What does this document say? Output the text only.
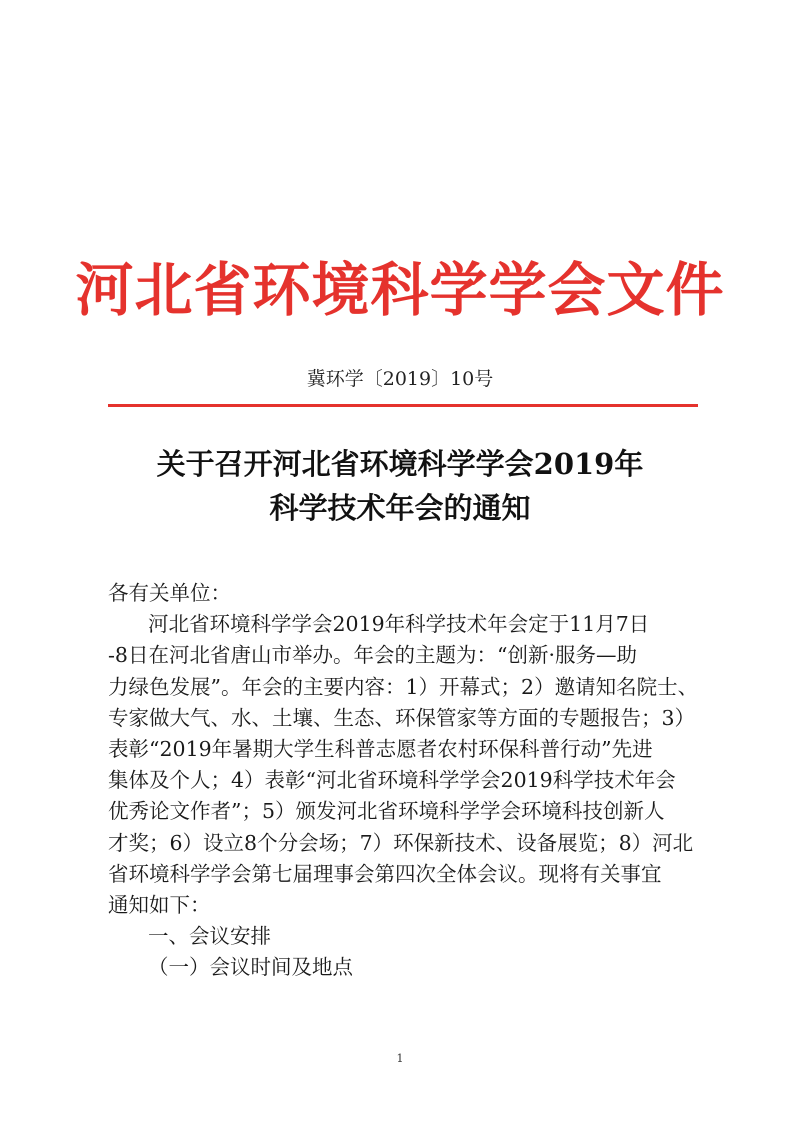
河北省环境科学学会文件
冀环学〔2019〕10号
关于召开河北省环境科学学会2019年
科学技术年会的通知
各有关单位：
河北省环境科学学会2019年科学技术年会定于11月7日
-8日在河北省唐山市举办。年会的主题为：“创新·服务—助
力绿色发展”。年会的主要内容：1）开幕式；2）邀请知名院士、
专家做大气、水、土壤、生态、环保管家等方面的专题报告；3）
表彰“2019年暑期大学生科普志愿者农村环保科普行动”先进
集体及个人；4）表彰“河北省环境科学学会2019科学技术年会
优秀论文作者”；5）颁发河北省环境科学学会环境科技创新人
才奖；6）设立8个分会场；7）环保新技术、设备展览；8）河北
省环境科学学会第七届理事会第四次全体会议。现将有关事宜
通知如下：
一、会议安排
（一）会议时间及地点
1
